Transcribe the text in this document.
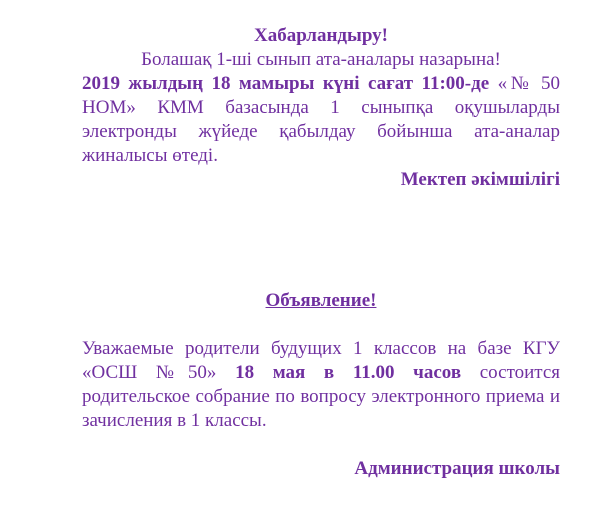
Хабарландыру!

Болашақ 1-ші сынып ата-аналары назарына!

2019 жылдың 18 мамыры күні сағат 11:00-де «№ 50 НОМ» КММ базасында 1 сыныпқа оқушыларды электронды жүйеде қабылдау бойынша ата-аналар жиналысы өтеді.

Мектеп әкімшілігі

Объявление!

Уважаемые родители будущих 1 классов на базе КГУ «ОСШ №50» 18 мая в 11.00 часов состоится родительское собрание по вопросу электронного приема и зачисления в 1 классы.

Администрация школы
